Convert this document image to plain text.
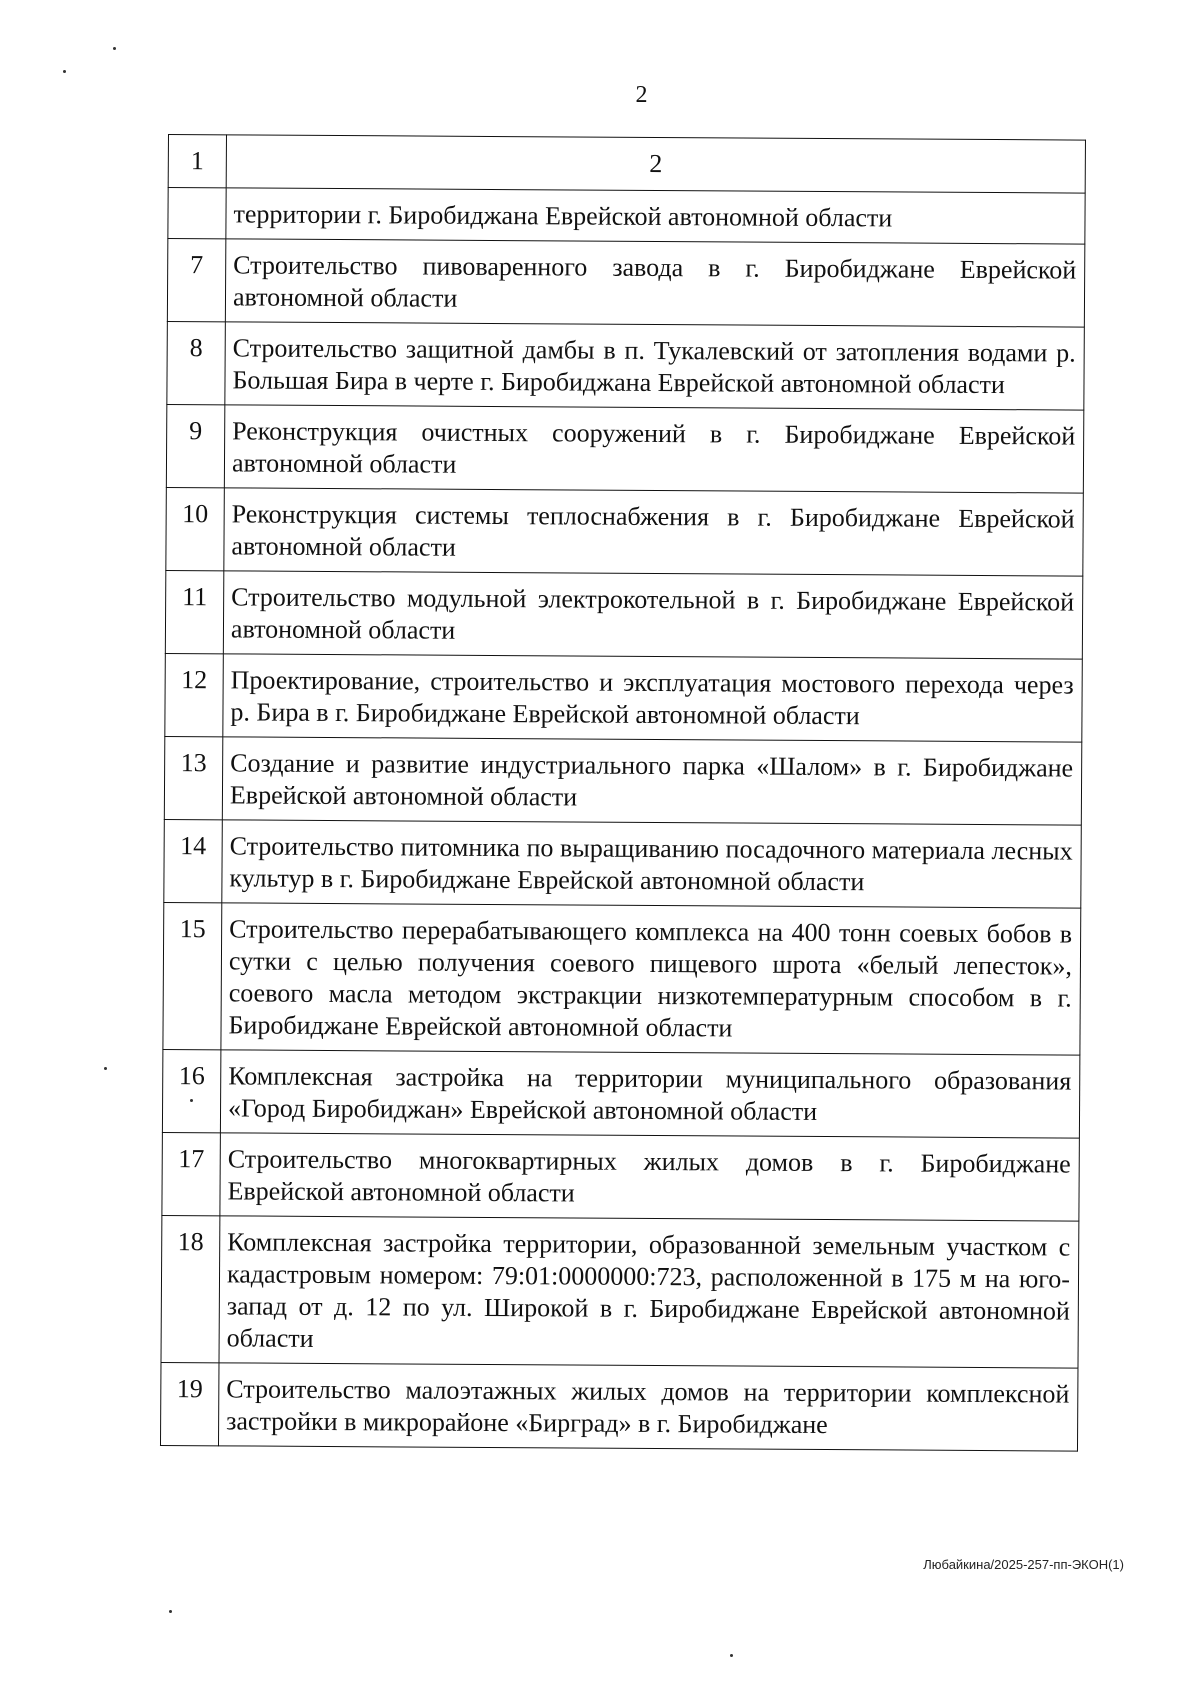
2
1	2
	территории г. Биробиджана Еврейской автономной области
7	Строительство пивоваренного завода в г. Биробиджане Еврейской автономной области
8	Строительство защитной дамбы в п. Тукалевский от затопления водами р. Большая Бира в черте г. Биробиджана Еврейской автономной области
9	Реконструкция очистных сооружений в г. Биробиджане Еврейской автономной области
10	Реконструкция системы теплоснабжения в г. Биробиджане Еврейской автономной области
11	Строительство модульной электрокотельной в г. Биробиджане Еврейской автономной области
12	Проектирование, строительство и эксплуатация мостового перехода через р. Бира в г. Биробиджане Еврейской автономной области
13	Создание и развитие индустриального парка «Шалом» в г. Биробиджане Еврейской автономной области
14	Строительство питомника по выращиванию посадочного материала лесных культур в г. Биробиджане Еврейской автономной области
15	Строительство перерабатывающего комплекса на 400 тонн соевых бобов в сутки с целью получения соевого пищевого шрота «белый лепесток», соевого масла методом экстракции низкотемпературным способом в г. Биробиджане Еврейской автономной области
16	Комплексная застройка на территории муниципального образования «Город Биробиджан» Еврейской автономной области
17	Строительство многоквартирных жилых домов в г. Биробиджане Еврейской автономной области
18	Комплексная застройка территории, образованной земельным участком с кадастровым номером: 79:01:0000000:723, расположенной в 175 м на юго-запад от д. 12 по ул. Широкой в г. Биробиджане Еврейской автономной области
19	Строительство малоэтажных жилых домов на территории комплексной застройки в микрорайоне «Бирград» в г. Биробиджане
Любайкина/2025-257-пп-ЭКОН(1)
